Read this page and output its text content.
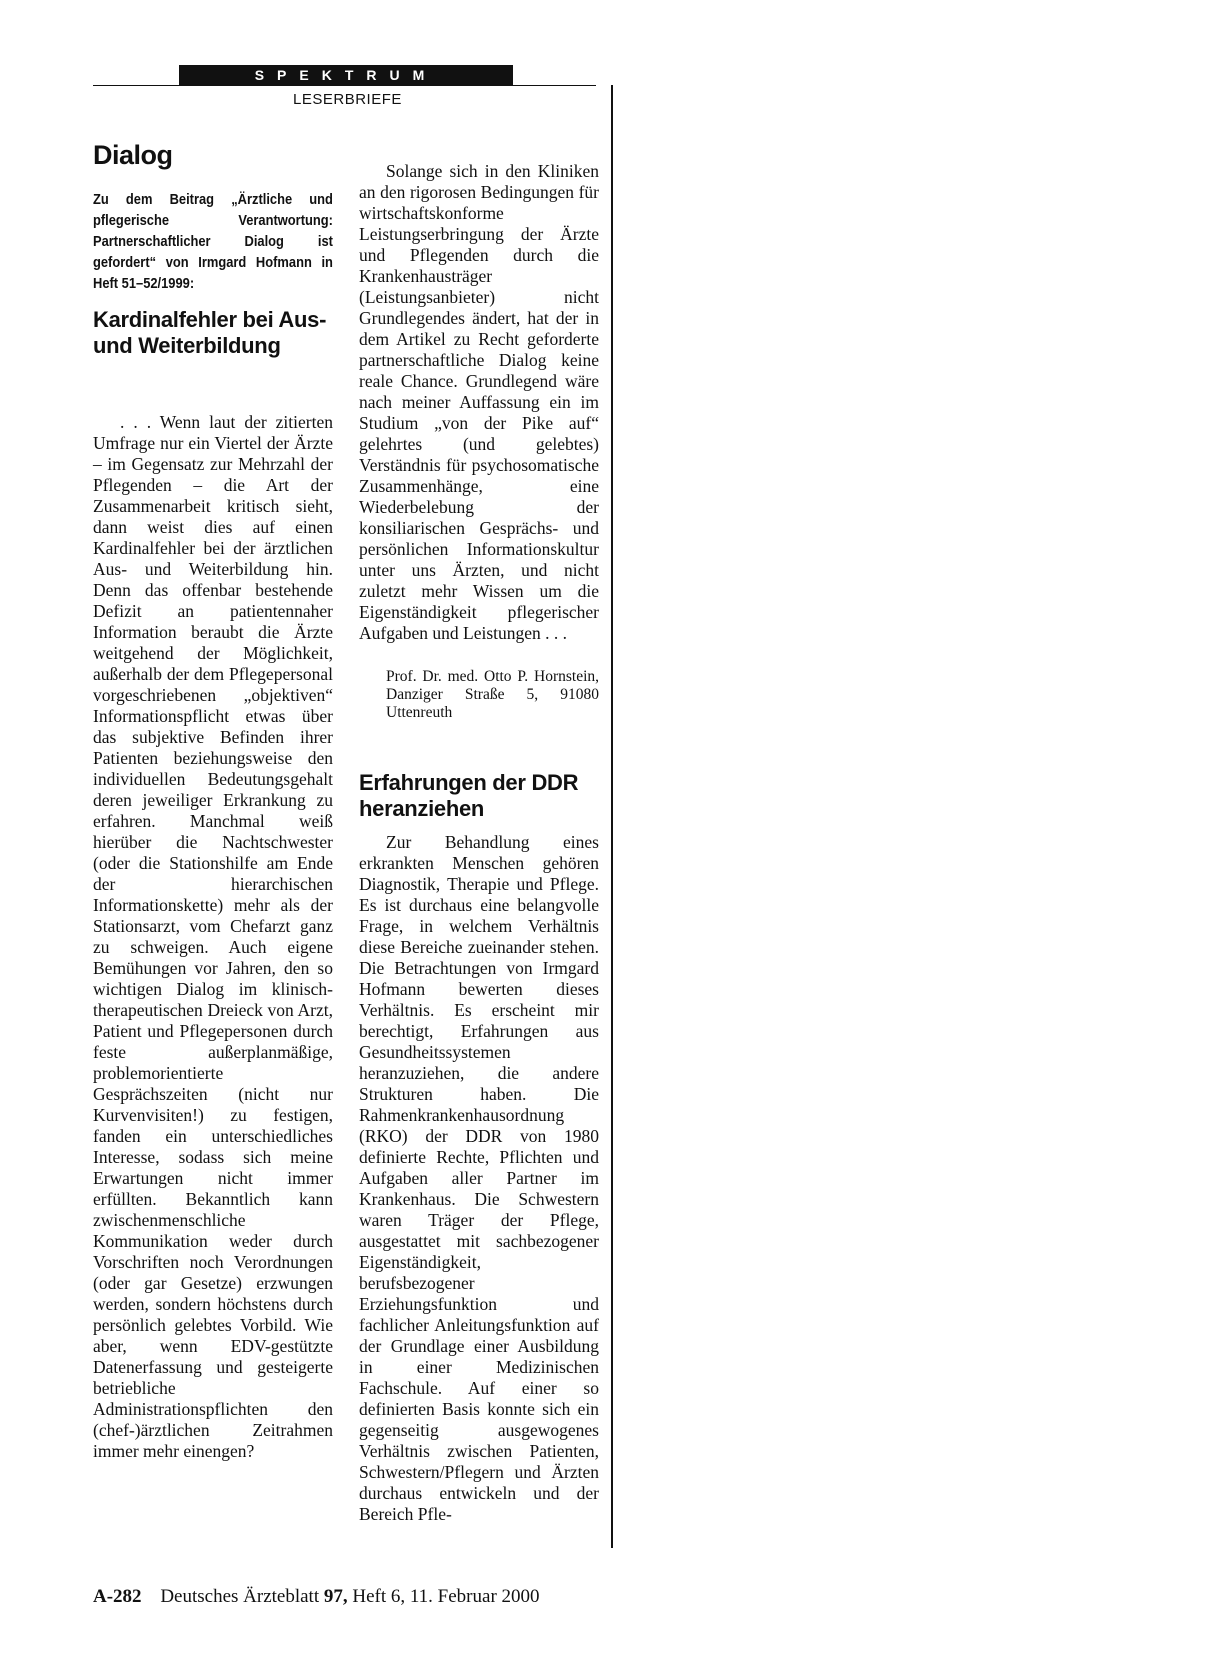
SPEKTRUM
LESERBRIEFE
Dialog
Zu dem Beitrag „Ärztliche und pflegerische Verantwortung: Partnerschaftlicher Dialog ist gefordert“ von Irmgard Hofmann in Heft 51–52/1999:
Kardinalfehler bei Aus- und Weiterbildung

. . . Wenn laut der zitierten Umfrage nur ein Viertel der Ärzte – im Gegensatz zur Mehrzahl der Pflegenden – die Art der Zusammenarbeit kritisch sieht, dann weist dies auf einen Kardinalfehler bei der ärztlichen Aus- und Weiterbildung hin. Denn das offenbar bestehende Defizit an patientennaher Information beraubt die Ärzte weitgehend der Möglichkeit, außerhalb der dem Pflegepersonal vorgeschriebenen „objektiven“ Informationspflicht etwas über das subjektive Befinden ihrer Patienten beziehungsweise den individuellen Bedeutungsgehalt deren jeweiliger Erkrankung zu erfahren. Manchmal weiß hierüber die Nachtschwester (oder die Stationshilfe am Ende der hierarchischen Informationskette) mehr als der Stationsarzt, vom Chefarzt ganz zu schweigen. Auch eigene Bemühungen vor Jahren, den so wichtigen Dialog im klinisch-therapeutischen Dreieck von Arzt, Patient und Pflegepersonen durch feste außerplanmäßige, problemorientierte Gesprächszeiten (nicht nur Kurvenvisiten!) zu festigen, fanden ein unterschiedliches Interesse, sodass sich meine Erwartungen nicht immer erfüllten. Bekanntlich kann zwischenmenschliche Kommunikation weder durch Vorschriften noch Verordnungen (oder gar Gesetze) erzwungen werden, sondern höchstens durch persönlich gelebtes Vorbild. Wie aber, wenn EDV-gestützte Datenerfassung und gesteigerte betriebliche Administrationspflichten den (chef-)ärztlichen Zeitrahmen immer mehr einengen?

Solange sich in den Kliniken an den rigorosen Bedingungen für wirtschaftskonforme Leistungserbringung der Ärzte und Pflegenden durch die Krankenhausträger (Leistungsanbieter) nicht Grundlegendes ändert, hat der in dem Artikel zu Recht geforderte partnerschaftliche Dialog keine reale Chance. Grundlegend wäre nach meiner Auffassung ein im Studium „von der Pike auf“ gelehrtes (und gelebtes) Verständnis für psychosomatische Zusammenhänge, eine Wiederbelebung der konsiliarischen Gesprächs- und persönlichen Informationskultur unter uns Ärzten, und nicht zuletzt mehr Wissen um die Eigenständigkeit pflegerischer Aufgaben und Leistungen . . .

Prof. Dr. med. Otto P. Hornstein, Danziger Straße 5, 91080 Uttenreuth
Erfahrungen der DDR heranziehen

Zur Behandlung eines erkrankten Menschen gehören Diagnostik, Therapie und Pflege. Es ist durchaus eine belangvolle Frage, in welchem Verhältnis diese Bereiche zueinander stehen. Die Betrachtungen von Irmgard Hofmann bewerten dieses Verhältnis. Es erscheint mir berechtigt, Erfahrungen aus Gesundheitssystemen heranzuziehen, die andere Strukturen haben. Die Rahmenkrankenhausordnung (RKO) der DDR von 1980 definierte Rechte, Pflichten und Aufgaben aller Partner im Krankenhaus. Die Schwestern waren Träger der Pflege, ausgestattet mit sachbezogener Eigenständigkeit, berufsbezogener Erziehungsfunktion und fachlicher Anleitungsfunktion auf der Grundlage einer Ausbildung in einer Medizinischen Fachschule. Auf einer so definierten Basis konnte sich ein gegenseitig ausgewogenes Verhältnis zwischen Patienten, Schwestern/Pflegern und Ärzten durchaus entwickeln und der Bereich Pfle-

A-282 Deutsches Ärzteblatt 97, Heft 6, 11. Februar 2000
